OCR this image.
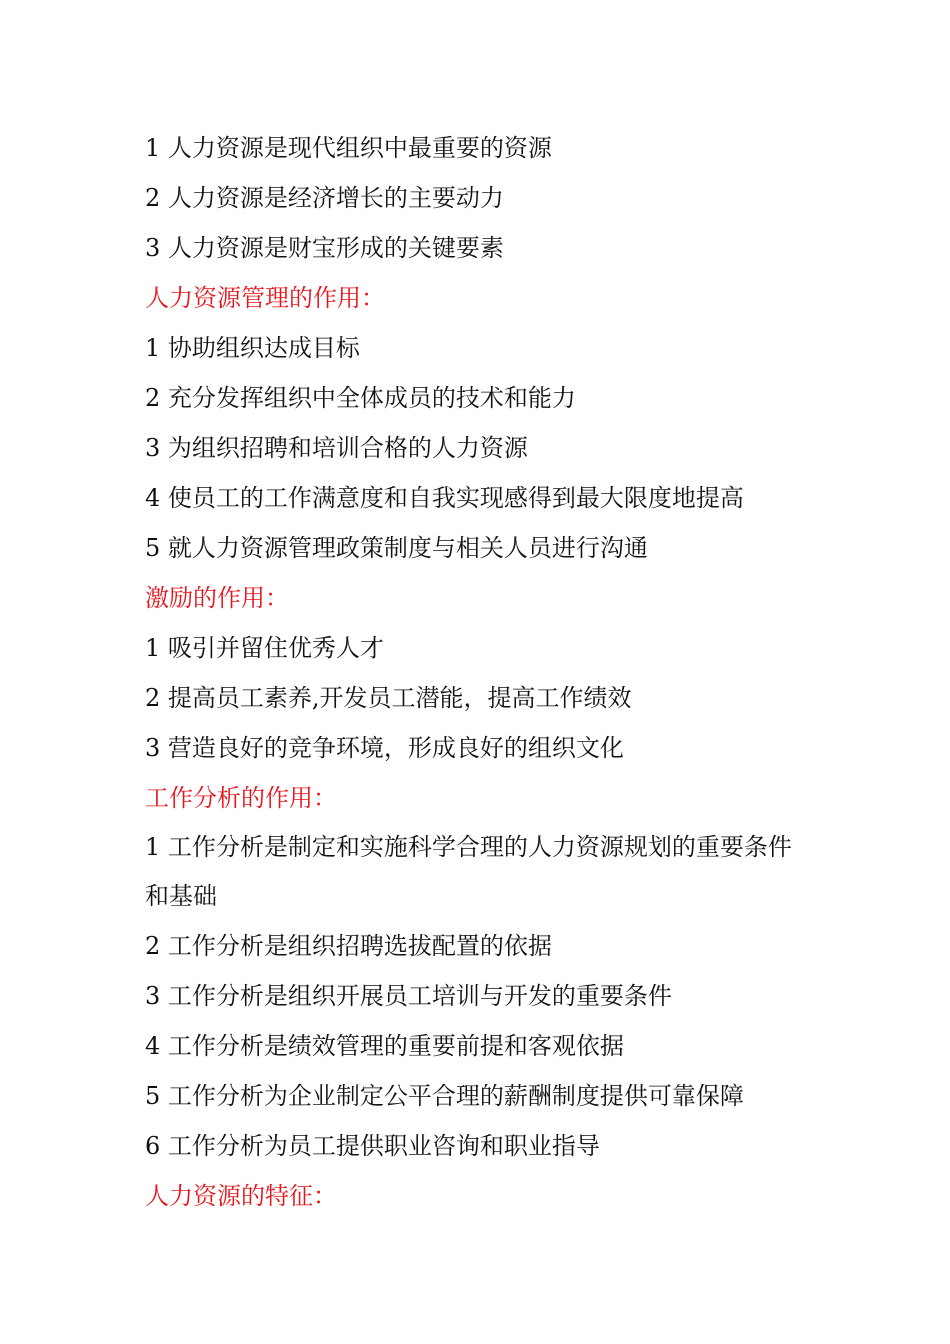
1 人力资源是现代组织中最重要的资源
2 人力资源是经济增长的主要动力
3 人力资源是财宝形成的关键要素
人力资源管理的作用：
1 协助组织达成目标
2 充分发挥组织中全体成员的技术和能力
3 为组织招聘和培训合格的人力资源
4 使员工的工作满意度和自我实现感得到最大限度地提高
5 就人力资源管理政策制度与相关人员进行沟通
激励的作用：
1 吸引并留住优秀人才
2 提高员工素养,开发员工潜能，提高工作绩效
3 营造良好的竞争环境，形成良好的组织文化
工作分析的作用：
1 工作分析是制定和实施科学合理的人力资源规划的重要条件和基础
2 工作分析是组织招聘选拔配置的依据
3 工作分析是组织开展员工培训与开发的重要条件
4 工作分析是绩效管理的重要前提和客观依据
5 工作分析为企业制定公平合理的薪酬制度提供可靠保障
6 工作分析为员工提供职业咨询和职业指导
人力资源的特征：
